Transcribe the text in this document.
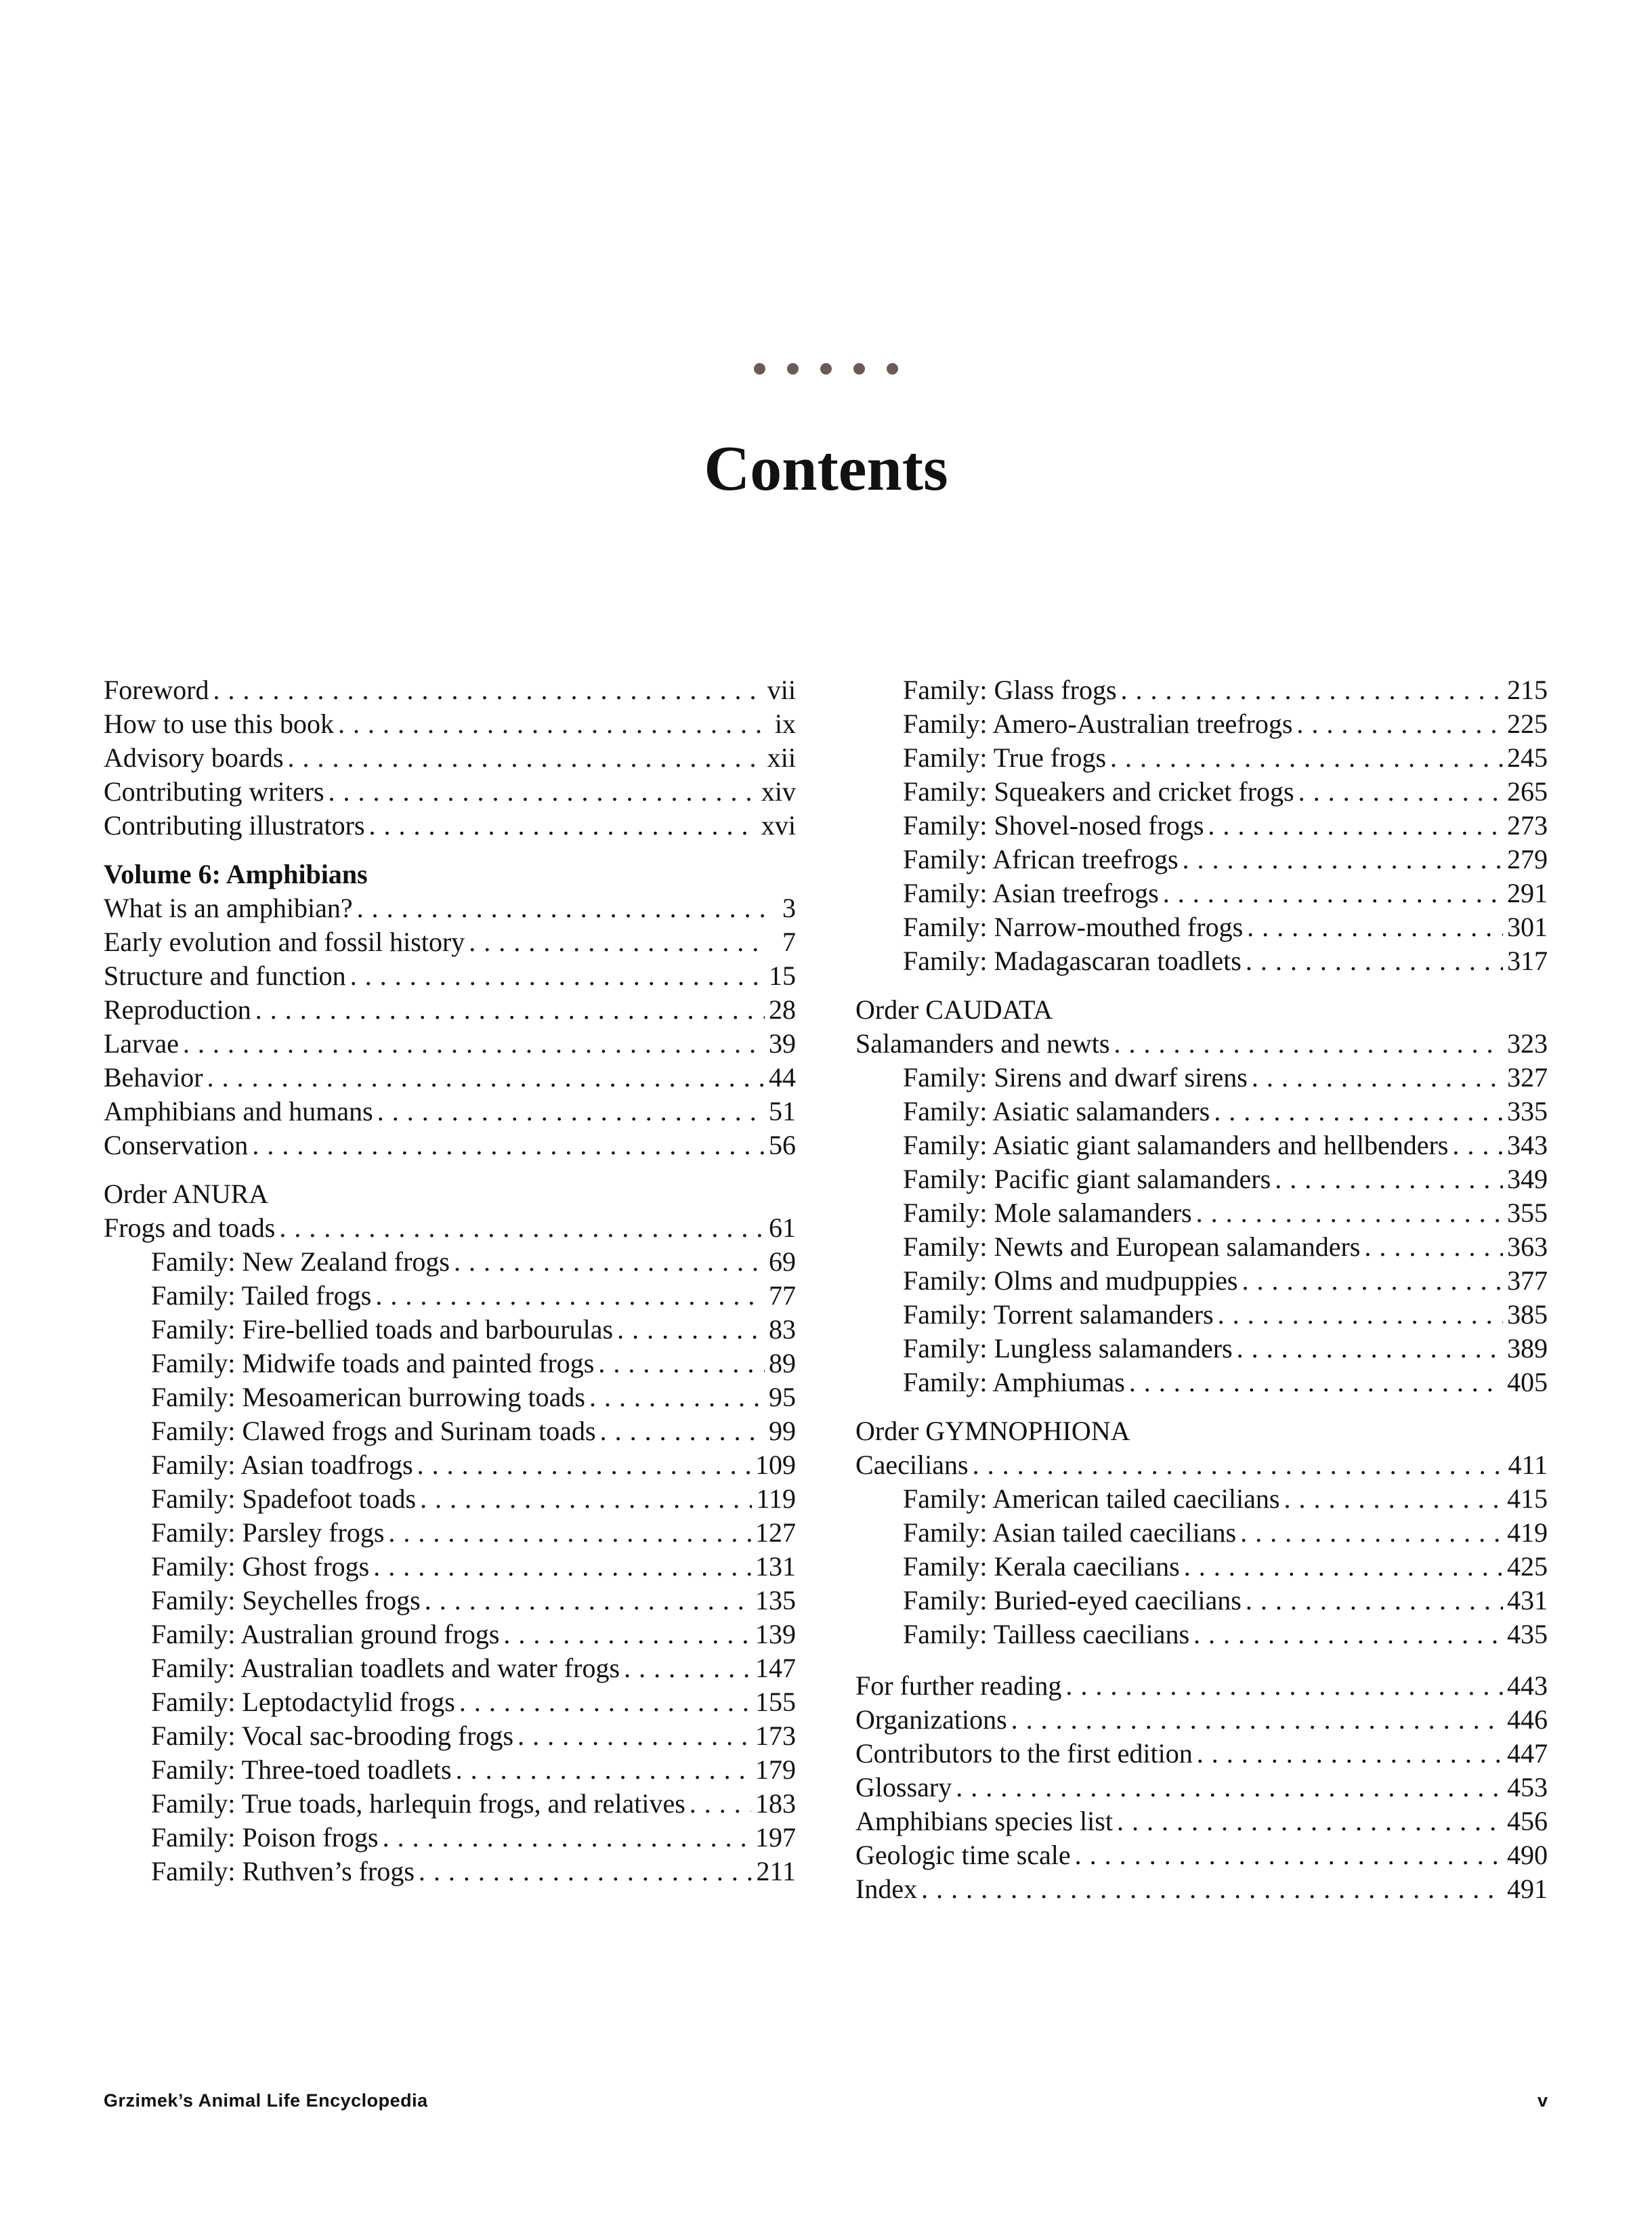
Contents
Foreword . . .	vii
How to use this book . . .	ix
Advisory boards . . .	xii
Contributing writers . . .	xiv
Contributing illustrators . . .	xvi
Volume 6: Amphibians
What is an amphibian? . . .	3
Early evolution and fossil history . . .	7
Structure and function . . .	15
Reproduction . . .	28
Larvae . . .	39
Behavior . . .	44
Amphibians and humans . . .	51
Conservation . . .	56
Order ANURA
Frogs and toads . . .	61
Family: New Zealand frogs . . .	69
Family: Tailed frogs . . .	77
Family: Fire-bellied toads and barbourulas . . .	83
Family: Midwife toads and painted frogs . . .	89
Family: Mesoamerican burrowing toads . . .	95
Family: Clawed frogs and Surinam toads . . .	99
Family: Asian toadfrogs . . .	109
Family: Spadefoot toads . . .	119
Family: Parsley frogs . . .	127
Family: Ghost frogs . . .	131
Family: Seychelles frogs . . .	135
Family: Australian ground frogs . . .	139
Family: Australian toadlets and water frogs . . .	147
Family: Leptodactylid frogs . . .	155
Family: Vocal sac-brooding frogs . . .	173
Family: Three-toed toadlets . . .	179
Family: True toads, harlequin frogs, and relatives . . .	183
Family: Poison frogs . . .	197
Family: Ruthven’s frogs . . .	211
Family: Glass frogs . . .	215
Family: Amero-Australian treefrogs . . .	225
Family: True frogs . . .	245
Family: Squeakers and cricket frogs . . .	265
Family: Shovel-nosed frogs . . .	273
Family: African treefrogs . . .	279
Family: Asian treefrogs . . .	291
Family: Narrow-mouthed frogs . . .	301
Family: Madagascaran toadlets . . .	317
Order CAUDATA
Salamanders and newts . . .	323
Family: Sirens and dwarf sirens . . .	327
Family: Asiatic salamanders . . .	335
Family: Asiatic giant salamanders and hellbenders . . . 343
Family: Pacific giant salamanders . . .	349
Family: Mole salamanders . . .	355
Family: Newts and European salamanders . . .	363
Family: Olms and mudpuppies . . .	377
Family: Torrent salamanders . . .	385
Family: Lungless salamanders . . .	389
Family: Amphiumas . . .	405
Order GYMNOPHIONA
Caecilians . . .	411
Family: American tailed caecilians . . .	415
Family: Asian tailed caecilians . . .	419
Family: Kerala caecilians . . .	425
Family: Buried-eyed caecilians . . .	431
Family: Tailless caecilians . . .	435
For further reading . . .	443
Organizations . . .	446
Contributors to the first edition . . .	447
Glossary . . .	453
Amphibians species list . . .	456
Geologic time scale . . .	490
Index . . .	491
Grzimek’s Animal Life Encyclopedia	v
